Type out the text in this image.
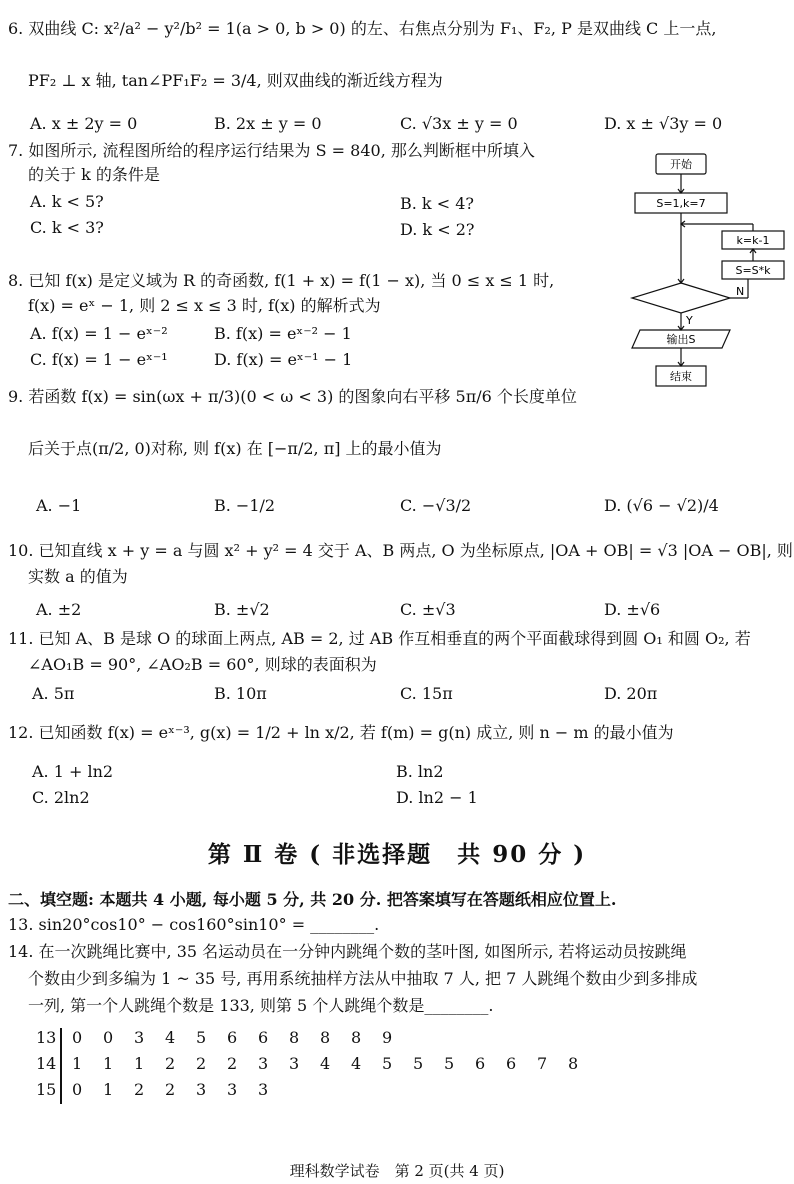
6. 双曲线 C: x²/a² − y²/b² = 1(a > 0, b > 0) 的左、右焦点分别为 F₁、F₂, P 是双曲线 C 上一点,
PF₂ ⊥ x 轴, tan∠PF₁F₂ = 3/4, 则双曲线的渐近线方程为
A. x ± 2y = 0	B. 2x ± y = 0	C. √3x ± y = 0	D. x ± √3y = 0
7. 如图所示, 流程图所给的程序运行结果为 S = 840, 那么判断框中所填入
的关于 k 的条件是
A. k < 5?	B. k < 4?
C. k < 3?	D. k < 2?
开始
S=1,k=7
k=k-1
S=S*k
N
Y
输出S
结束
8. 已知 f(x) 是定义域为 R 的奇函数, f(1 + x) = f(1 − x), 当 0 ≤ x ≤ 1 时,
f(x) = eˣ − 1, 则 2 ≤ x ≤ 3 时, f(x) 的解析式为
A. f(x) = 1 − eˣ⁻²	B. f(x) = eˣ⁻² − 1
C. f(x) = 1 − eˣ⁻¹	D. f(x) = eˣ⁻¹ − 1
9. 若函数 f(x) = sin(ωx + π/3)(0 < ω < 3) 的图象向右平移 5π/6 个长度单位
后关于点(π/2, 0)对称, 则 f(x) 在 [−π/2, π] 上的最小值为
A. −1	B. −1/2	C. −√3/2	D. (√6 − √2)/4
10. 已知直线 x + y = a 与圆 x² + y² = 4 交于 A、B 两点, O 为坐标原点, |OA + OB| = √3 |OA − OB|, 则
实数 a 的值为
A. ±2	B. ±√2	C. ±√3	D. ±√6
11. 已知 A、B 是球 O 的球面上两点, AB = 2, 过 AB 作互相垂直的两个平面截球得到圆 O₁ 和圆 O₂, 若
∠AO₁B = 90°, ∠AO₂B = 60°, 则球的表面积为
A. 5π	B. 10π	C. 15π	D. 20π
12. 已知函数 f(x) = eˣ⁻³, g(x) = 1/2 + ln x/2, 若 f(m) = g(n) 成立, 则 n − m 的最小值为
A. 1 + ln2	B. ln2
C. 2ln2	D. ln2 − 1
第 Ⅱ 卷 ( 非选择题　共 90 分 )
二、填空题: 本题共 4 小题, 每小题 5 分, 共 20 分. 把答案填写在答题纸相应位置上.
13. sin20°cos10° − cos160°sin10° = ________.
14. 在一次跳绳比赛中, 35 名运动员在一分钟内跳绳个数的茎叶图, 如图所示, 若将运动员按跳绳
个数由少到多编为 1 ~ 35 号, 再用系统抽样方法从中抽取 7 人, 把 7 人跳绳个数由少到多排成
一列, 第一个人跳绳个数是 133, 则第 5 个人跳绳个数是________.
13 0 0 3 4 5 6 6 8 8 8 9
14 1 1 1 2 2 2 3 3 4 4 5 5 5 6 6 7 8
15 0 1 2 2 3 3 3
理科数学试卷　第 2 页(共 4 页)
